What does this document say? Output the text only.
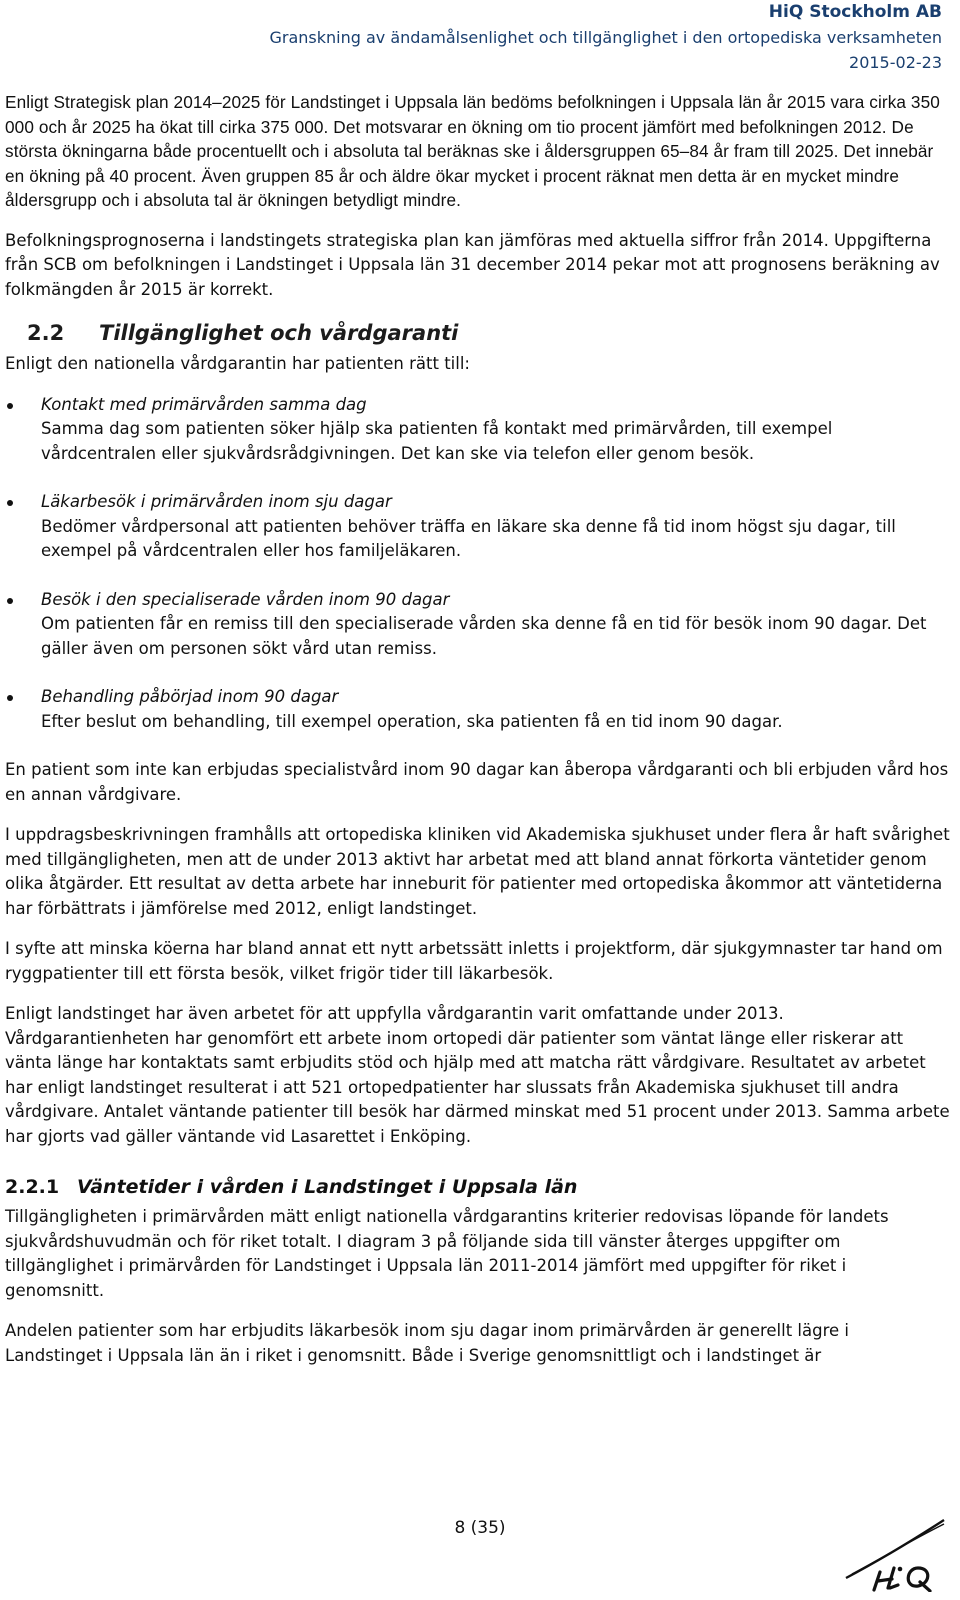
HiQ Stockholm AB
Granskning av ändamålsenlighet och tillgänglighet i den ortopediska verksamheten
2015-02-23

Enligt Strategisk plan 2014–2025 för Landstinget i Uppsala län bedöms befolkningen i Uppsala län år 2015 vara cirka 350 000 och år 2025 ha ökat till cirka 375 000. Det motsvarar en ökning om tio procent jämfört med befolkningen 2012. De största ökningarna både procentuellt och i absoluta tal beräknas ske i åldersgruppen 65–84 år fram till 2025. Det innebär en ökning på 40 procent. Även gruppen 85 år och äldre ökar mycket i procent räknat men detta är en mycket mindre åldersgrupp och i absoluta tal är ökningen betydligt mindre.

Befolkningsprognoserna i landstingets strategiska plan kan jämföras med aktuella siffror från 2014. Uppgifterna från SCB om befolkningen i Landstinget i Uppsala län 31 december 2014 pekar mot att prognosens beräkning av folkmängden år 2015 är korrekt.

2.2 Tillgänglighet och vårdgaranti

Enligt den nationella vårdgarantin har patienten rätt till:

Kontakt med primärvården samma dag
Samma dag som patienten söker hjälp ska patienten få kontakt med primärvården, till exempel vårdcentralen eller sjukvårdsrådgivningen. Det kan ske via telefon eller genom besök.
Läkarbesök i primärvården inom sju dagar
Bedömer vårdpersonal att patienten behöver träffa en läkare ska denne få tid inom högst sju dagar, till exempel på vårdcentralen eller hos familjeläkaren.
Besök i den specialiserade vården inom 90 dagar
Om patienten får en remiss till den specialiserade vården ska denne få en tid för besök inom 90 dagar. Det gäller även om personen sökt vård utan remiss.
Behandling påbörjad inom 90 dagar
Efter beslut om behandling, till exempel operation, ska patienten få en tid inom 90 dagar.

En patient som inte kan erbjudas specialistvård inom 90 dagar kan åberopa vårdgaranti och bli erbjuden vård hos en annan vårdgivare.

I uppdragsbeskrivningen framhålls att ortopediska kliniken vid Akademiska sjukhuset under flera år haft svårighet med tillgängligheten, men att de under 2013 aktivt har arbetat med att bland annat förkorta väntetider genom olika åtgärder. Ett resultat av detta arbete har inneburit för patienter med ortopediska åkommor att väntetiderna har förbättrats i jämförelse med 2012, enligt landstinget.

I syfte att minska köerna har bland annat ett nytt arbetssätt inletts i projektform, där sjukgymnaster tar hand om ryggpatienter till ett första besök, vilket frigör tider till läkarbesök.

Enligt landstinget har även arbetet för att uppfylla vårdgarantin varit omfattande under 2013. Vårdgarantienheten har genomfört ett arbete inom ortopedi där patienter som väntat länge eller riskerar att vänta länge har kontaktats samt erbjudits stöd och hjälp med att matcha rätt vårdgivare. Resultatet av arbetet har enligt landstinget resulterat i att 521 ortopedpatienter har slussats från Akademiska sjukhuset till andra vårdgivare. Antalet väntande patienter till besök har därmed minskat med 51 procent under 2013. Samma arbete har gjorts vad gäller väntande vid Lasarettet i Enköping.

2.2.1 Väntetider i vården i Landstinget i Uppsala län

Tillgängligheten i primärvården mätt enligt nationella vårdgarantins kriterier redovisas löpande för landets sjukvårdshuvudmän och för riket totalt. I diagram 3 på följande sida till vänster återges uppgifter om tillgänglighet i primärvården för Landstinget i Uppsala län 2011-2014 jämfört med uppgifter för riket i genomsnitt.

Andelen patienter som har erbjudits läkarbesök inom sju dagar inom primärvården är generellt lägre i Landstinget i Uppsala län än i riket i genomsnitt. Både i Sverige genomsnittligt och i landstinget är

8 (35)
